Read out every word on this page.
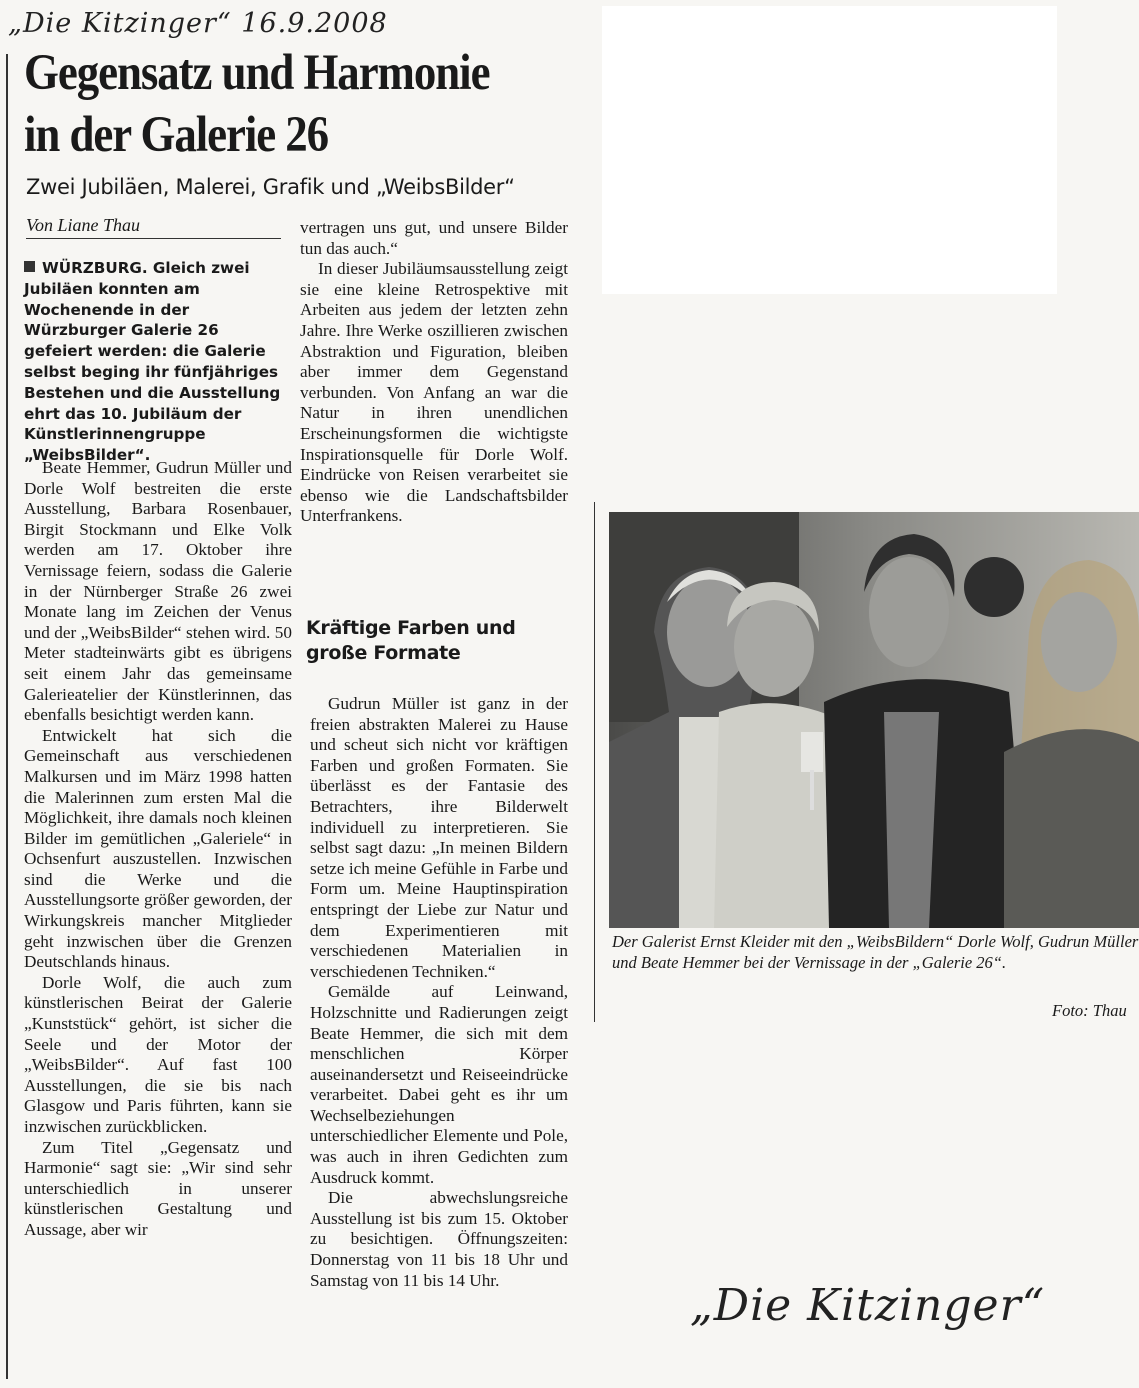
„Die Kitzinger“ 16.9.2008
Gegensatz und Harmonie
in der Galerie 26
Zwei Jubiläen, Malerei, Grafik und „WeibsBilder“
Von Liane Thau
WÜRZBURG. Gleich zwei Jubiläen konnten am Wochenende in der Würzburger Galerie 26 gefeiert werden: die Galerie selbst beging ihr fünfjähriges Bestehen und die Ausstellung ehrt das 10. Jubiläum der Künstlerinnengruppe „WeibsBilder“.

Beate Hemmer, Gudrun Müller und Dorle Wolf bestreiten die erste Ausstellung, Barbara Rosenbauer, Birgit Stockmann und Elke Volk werden am 17. Oktober ihre Vernissage feiern, sodass die Galerie in der Nürnberger Straße 26 zwei Monate lang im Zeichen der Venus und der „WeibsBilder“ stehen wird. 50 Meter stadteinwärts gibt es übrigens seit einem Jahr das gemeinsame Galerieatelier der Künstlerinnen, das ebenfalls besichtigt werden kann.

Entwickelt hat sich die Gemeinschaft aus verschiedenen Malkursen und im März 1998 hatten die Malerinnen zum ersten Mal die Möglichkeit, ihre damals noch kleinen Bilder im gemütlichen „Galeriele“ in Ochsenfurt auszustellen. Inzwischen sind die Werke und die Ausstellungsorte größer geworden, der Wirkungskreis mancher Mitglieder geht inzwischen über die Grenzen Deutschlands hinaus.

Dorle Wolf, die auch zum künstlerischen Beirat der Galerie „Kunststück“ gehört, ist sicher die Seele und der Motor der „WeibsBilder“. Auf fast 100 Ausstellungen, die sie bis nach Glasgow und Paris führten, kann sie inzwischen zurückblicken.

Zum Titel „Gegensatz und Harmonie“ sagt sie: „Wir sind sehr unterschiedlich in unserer künstlerischen Gestaltung und Aussage, aber wir

vertragen uns gut, und unsere Bilder tun das auch.“

In dieser Jubiläumsausstellung zeigt sie eine kleine Retrospektive mit Arbeiten aus jedem der letzten zehn Jahre. Ihre Werke oszillieren zwischen Abstraktion und Figuration, bleiben aber immer dem Gegenstand verbunden. Von Anfang an war die Natur in ihren unendlichen Erscheinungsformen die wichtigste Inspirationsquelle für Dorle Wolf. Eindrücke von Reisen verarbeitet sie ebenso wie die Landschaftsbilder Unterfrankens.

Kräftige Farben und
große Formate

Gudrun Müller ist ganz in der freien abstrakten Malerei zu Hause und scheut sich nicht vor kräftigen Farben und großen Formaten. Sie überlässt es der Fantasie des Betrachters, ihre Bilderwelt individuell zu interpretieren. Sie selbst sagt dazu: „In meinen Bildern setze ich meine Gefühle in Farbe und Form um. Meine Hauptinspiration entspringt der Liebe zur Natur und dem Experimentieren mit verschiedenen Materialien in verschiedenen Techniken.“

Gemälde auf Leinwand, Holzschnitte und Radierungen zeigt Beate Hemmer, die sich mit dem menschlichen Körper auseinandersetzt und Reiseeindrücke verarbeitet. Dabei geht es ihr um Wechselbeziehungen unterschiedlicher Elemente und Pole, was auch in ihren Gedichten zum Ausdruck kommt.

Die abwechslungsreiche Ausstellung ist bis zum 15. Oktober zu besichtigen. Öffnungszeiten: Donnerstag von 11 bis 18 Uhr und Samstag von 11 bis 14 Uhr.

Der Galerist Ernst Kleider mit den „WeibsBildern“ Dorle Wolf, Gudrun Müller und Beate Hemmer bei der Vernissage in der „Galerie 26“.
Foto: Thau
„Die Kitzinger“
